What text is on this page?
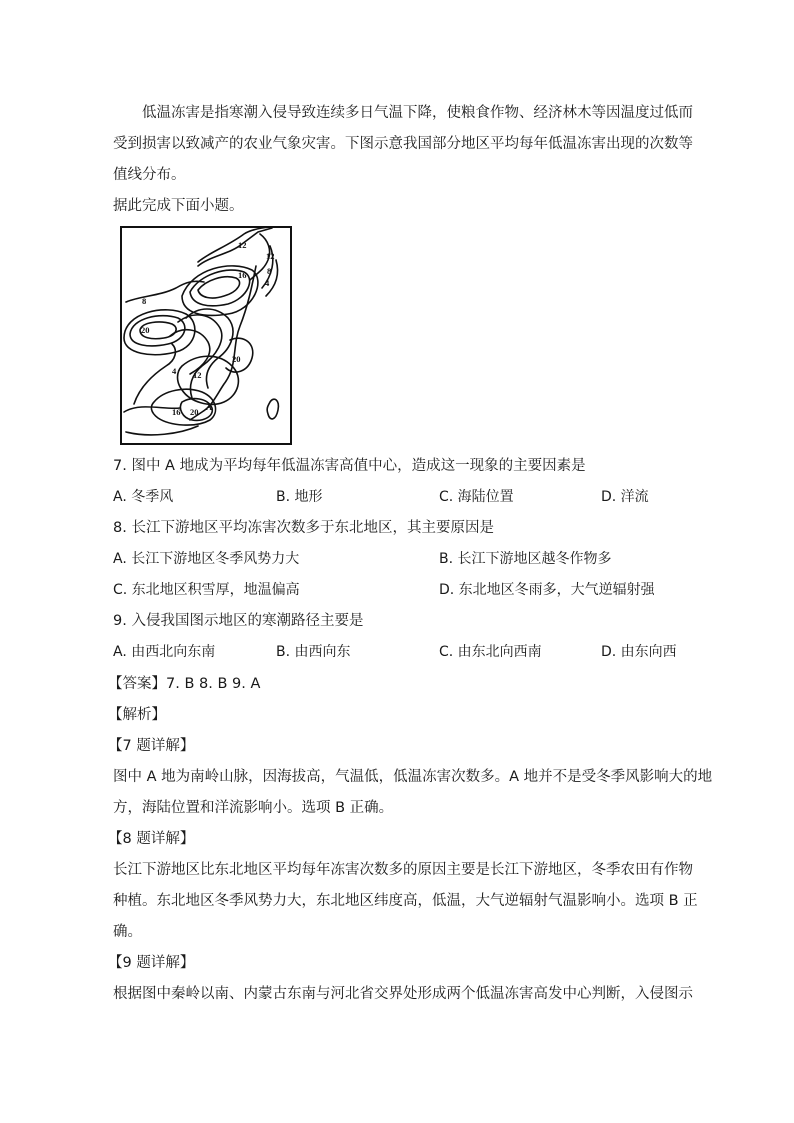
低温冻害是指寒潮入侵导致连续多日气温下降，使粮食作物、经济林木等因温度过低而
受到损害以致减产的农业气象灾害。下图示意我国部分地区平均每年低温冻害出现的次数等
值线分布。
据此完成下面小题。
12
12
16 8
4
8
20
20
4 12
A
16 20
7. 图中 A 地成为平均每年低温冻害高值中心，造成这一现象的主要因素是
A. 冬季风	B. 地形	C. 海陆位置	D. 洋流
8. 长江下游地区平均冻害次数多于东北地区，其主要原因是
A. 长江下游地区冬季风势力大	B. 长江下游地区越冬作物多
C. 东北地区积雪厚，地温偏高	D. 东北地区冬雨多，大气逆辐射强
9. 入侵我国图示地区的寒潮路径主要是
A. 由西北向东南	B. 由西向东	C. 由东北向西南	D. 由东向西
【答案】7. B 8. B 9. A
【解析】
【7 题详解】
图中 A 地为南岭山脉，因海拔高，气温低，低温冻害次数多。A 地并不是受冬季风影响大的地
方，海陆位置和洋流影响小。选项 B 正确。
【8 题详解】
长江下游地区比东北地区平均每年冻害次数多的原因主要是长江下游地区，冬季农田有作物
种植。东北地区冬季风势力大，东北地区纬度高，低温，大气逆辐射气温影响小。选项 B 正
确。
【9 题详解】
根据图中秦岭以南、内蒙古东南与河北省交界处形成两个低温冻害高发中心判断，入侵图示
